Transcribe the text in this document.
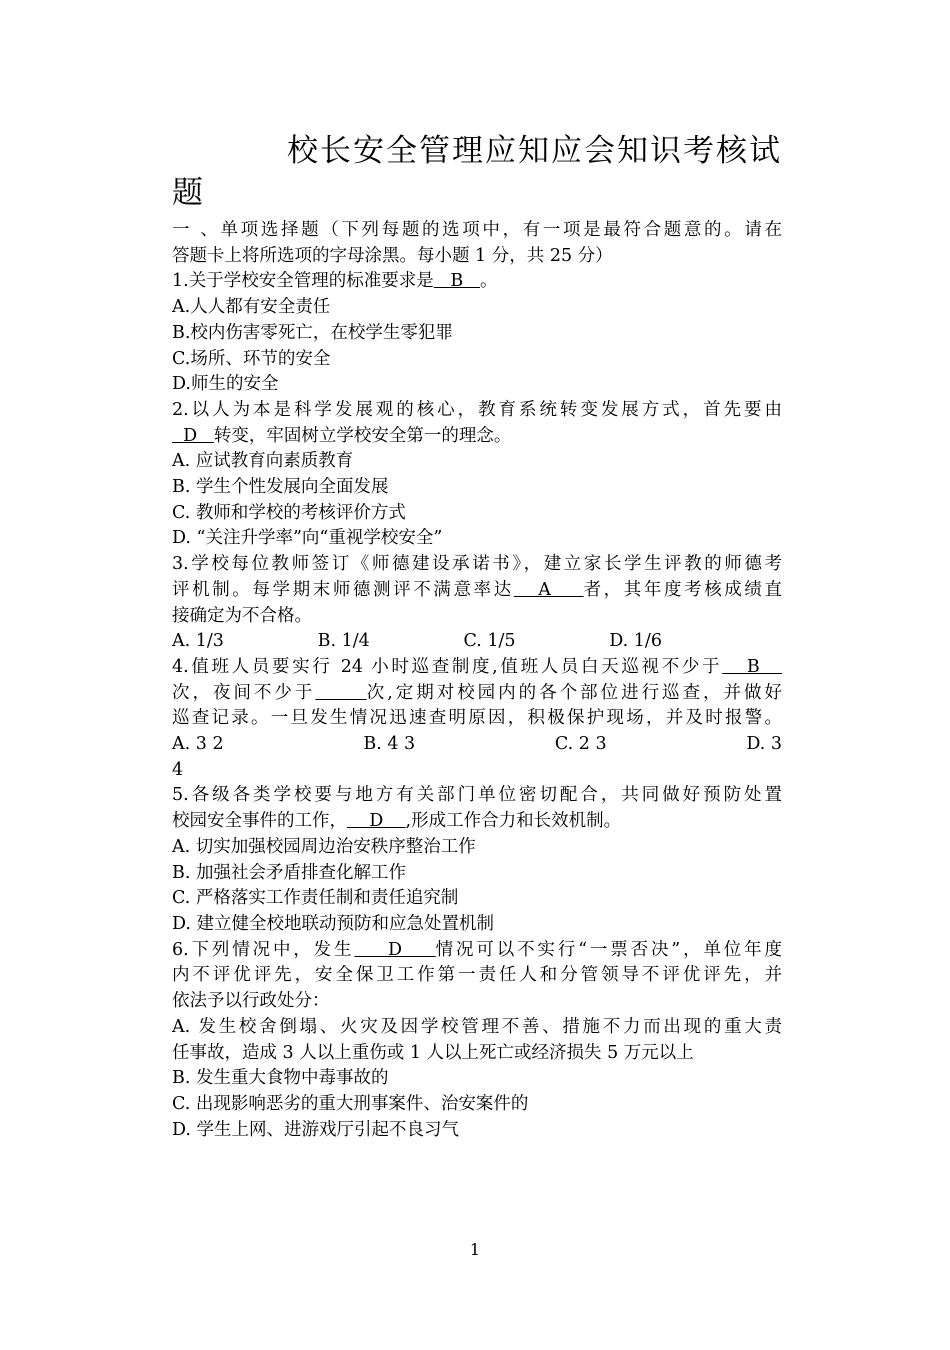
校长安全管理应知应会知识考核试
题
一 、单项选择题（下列每题的选项中，有一项是最符合题意的。请在
答题卡上将所选项的字母涂黑。每小题 1 分，共 25 分）
1.关于学校安全管理的标准要求是   B   。
A.人人都有安全责任
B.校内伤害零死亡，在校学生零犯罪
C.场所、环节的安全
D.师生的安全
2.以人为本是科学发展观的核心，教育系统转变发展方式，首先要由
D   转变，牢固树立学校安全第一的理念。
A. 应试教育向素质教育
B. 学生个性发展向全面发展
C. 教师和学校的考核评价方式
D. “关注升学率”向“重视学校安全”
3.学校每位教师签订《师德建设承诺书》，建立家长学生评教的师德考
评机制。每学期末师德测评不满意率达   A    者，其年度考核成绩直
接确定为不合格。
A. 1/3	B. 1/4	C. 1/5	D. 1/6
4.值班人员要实行 24 小时巡查制度,值班人员白天巡视不少于   B
次，夜间不少于	次,定期对校园内的各个部位进行巡查，并做好
巡查记录。一旦发生情况迅速查明原因，积极保护现场，并及时报警。
A. 3 2	B. 4 3	C. 2 3	D. 3
4
5.各级各类学校要与地方有关部门单位密切配合，共同做好预防处置
校园安全事件的工作，    D    ,形成工作合力和长效机制。
A. 切实加强校园周边治安秩序整治工作
B. 加强社会矛盾排查化解工作
C. 严格落实工作责任制和责任追究制
D. 建立健全校地联动预防和应急处置机制
6.下列情况中，发生    D    情况可以不实行“一票否决”，单位年度
内不评优评先，安全保卫工作第一责任人和分管领导不评优评先，并
依法予以行政处分：
A. 发生校舍倒塌、火灾及因学校管理不善、措施不力而出现的重大责
任事故，造成 3 人以上重伤或 1 人以上死亡或经济损失 5 万元以上
B. 发生重大食物中毒事故的
C. 出现影响恶劣的重大刑事案件、治安案件的
D. 学生上网、进游戏厅引起不良习气
1
